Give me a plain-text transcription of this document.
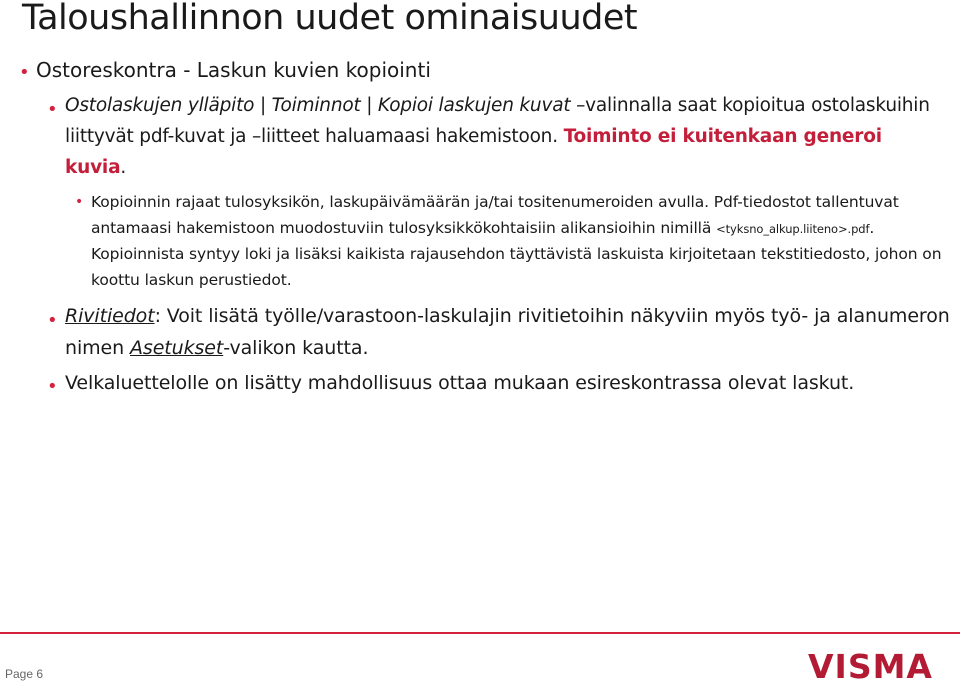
Taloushallinnon uudet ominaisuudet
• Ostoreskontra - Laskun kuvien kopiointi
• Ostolaskujen ylläpito | Toiminnot | Kopioi laskujen kuvat –valinnalla saat kopioitua ostolaskuihin
liittyvät pdf-kuvat ja –liitteet haluamaasi hakemistoon. Toiminto ei kuitenkaan generoi
kuvia.
• Kopioinnin rajaat tulosyksikön, laskupäivämäärän ja/tai tositenumeroiden avulla. Pdf-tiedostot tallentuvat
antamaasi hakemistoon muodostuviin tulosyksikkökohtaisiin alikansioihin nimillä <tyksno_alkup.liiteno>.pdf.
Kopioinnista syntyy loki ja lisäksi kaikista rajausehdon täyttävistä laskuista kirjoitetaan tekstitiedosto, johon on
koottu laskun perustiedot.
• Rivitiedot: Voit lisätä työlle/varastoon-laskulajin rivitietoihin näkyviin myös työ- ja alanumeron
nimen Asetukset-valikon kautta.
• Velkaluettelolle on lisätty mahdollisuus ottaa mukaan esireskontrassa olevat laskut.
Page 6	VISMA
